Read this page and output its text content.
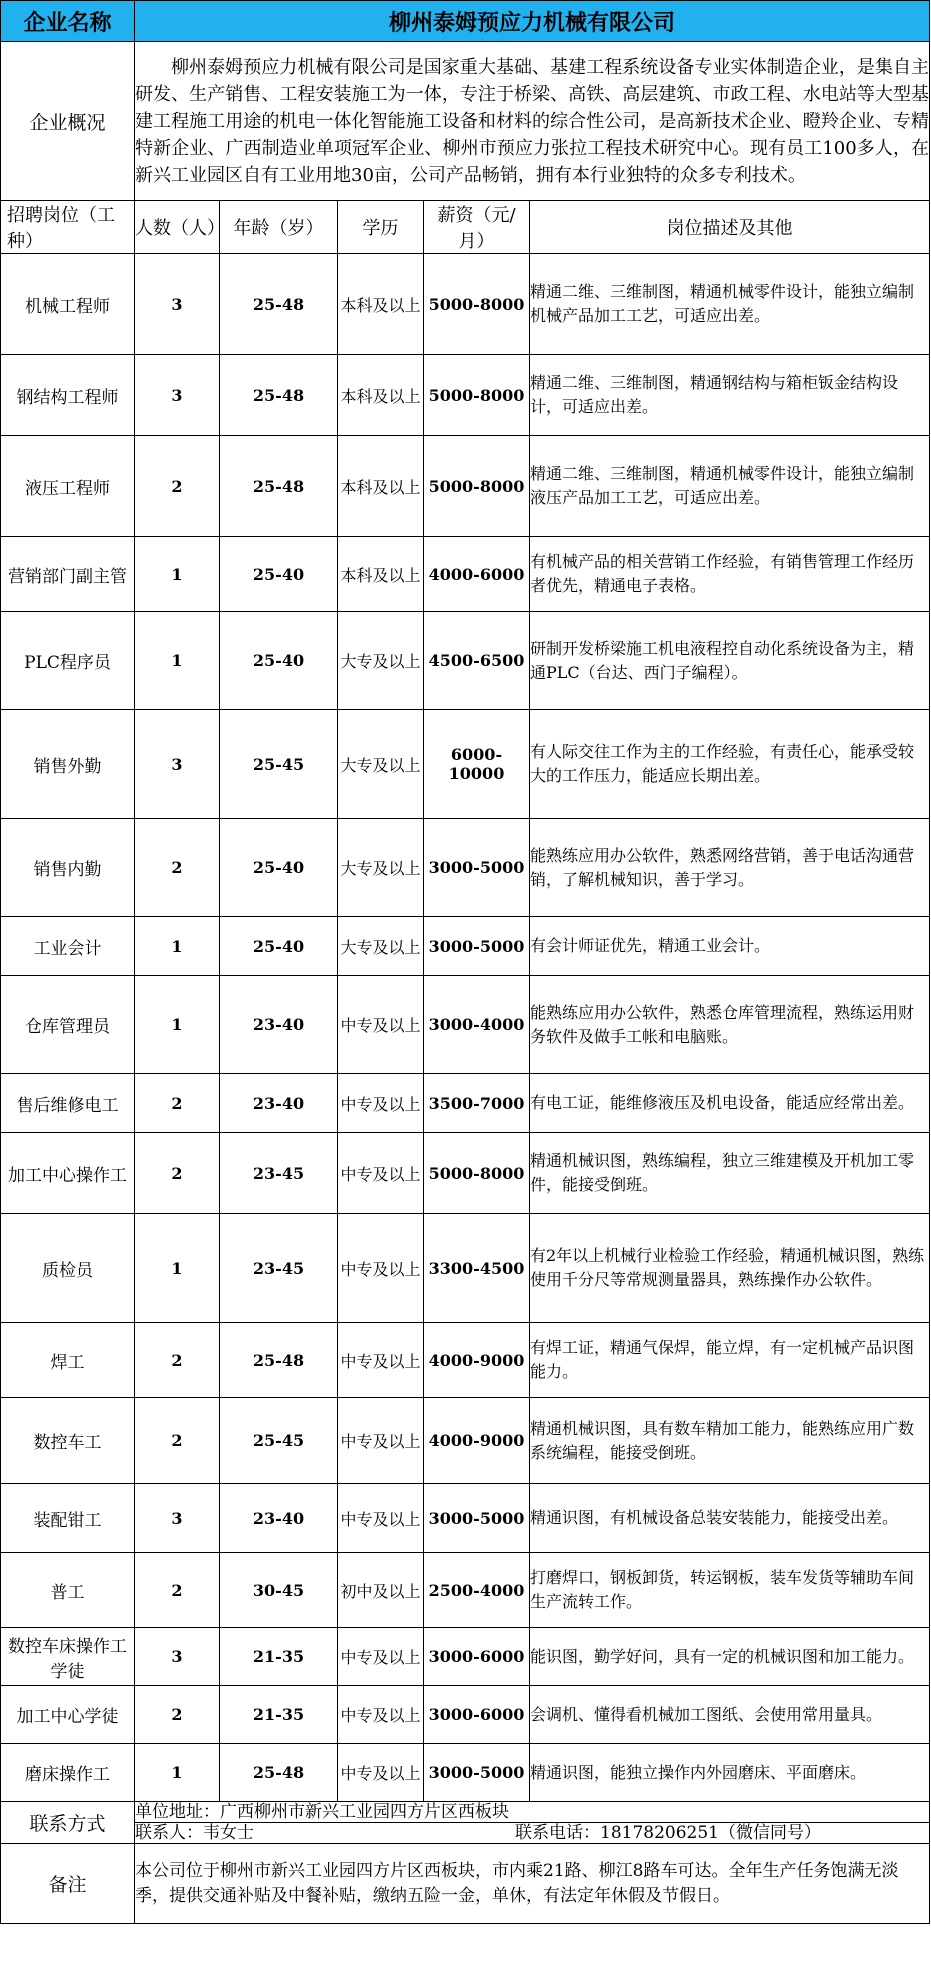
企业名称	柳州泰姆预应力机械有限公司				
企业概况	柳州泰姆预应力机械有限公司是国家重大基础、基建工程系统设备专业实体制造企业，是集自主研发、生产销售、工程安装施工为一体，专注于桥梁、高铁、高层建筑、市政工程、水电站等大型基建工程施工用途的机电一体化智能施工设备和材料的综合性公司，是高新技术企业、瞪羚企业、专精特新企业、广西制造业单项冠军企业、柳州市预应力张拉工程技术研究中心。现有员工100多人，在新兴工业园区自有工业用地30亩，公司产品畅销，拥有本行业独特的众多专利技术。				

招聘岗位（工种）	人数（人）	年龄（岁）	学历	薪资（元/月）	岗位描述及其他
机械工程师	3	25-48	本科及以上	5000-8000	精通二维、三维制图，精通机械零件设计，能独立编制机械产品加工工艺，可适应出差。
钢结构工程师	3	25-48	本科及以上	5000-8000	精通二维、三维制图，精通钢结构与箱柜钣金结构设计，可适应出差。
液压工程师	2	25-48	本科及以上	5000-8000	精通二维、三维制图，精通机械零件设计，能独立编制液压产品加工工艺，可适应出差。
营销部门副主管	1	25-40	本科及以上	4000-6000	有机械产品的相关营销工作经验，有销售管理工作经历者优先，精通电子表格。
PLC程序员	1	25-40	大专及以上	4500-6500	研制开发桥梁施工机电液程控自动化系统设备为主，精通PLC（台达、西门子编程）。
销售外勤	3	25-45	大专及以上	6000-10000	有人际交往工作为主的工作经验，有责任心，能承受较大的工作压力，能适应长期出差。
销售内勤	2	25-40	大专及以上	3000-5000	能熟练应用办公软件，熟悉网络营销，善于电话沟通营销，了解机械知识，善于学习。
工业会计	1	25-40	大专及以上	3000-5000	有会计师证优先，精通工业会计。
仓库管理员	1	23-40	中专及以上	3000-4000	能熟练应用办公软件，熟悉仓库管理流程，熟练运用财务软件及做手工帐和电脑账。
售后维修电工	2	23-40	中专及以上	3500-7000	有电工证，能维修液压及机电设备，能适应经常出差。
加工中心操作工	2	23-45	中专及以上	5000-8000	精通机械识图，熟练编程，独立三维建模及开机加工零件，能接受倒班。
质检员	1	23-45	中专及以上	3300-4500	有2年以上机械行业检验工作经验，精通机械识图，熟练使用千分尺等常规测量器具，熟练操作办公软件。
焊工	2	25-48	中专及以上	4000-9000	有焊工证，精通气保焊，能立焊，有一定机械产品识图能力。
数控车工	2	25-45	中专及以上	4000-9000	精通机械识图，具有数车精加工能力，能熟练应用广数系统编程，能接受倒班。
装配钳工	3	23-40	中专及以上	3000-5000	精通识图，有机械设备总装安装能力，能接受出差。
普工	2	30-45	初中及以上	2500-4000	打磨焊口，钢板卸货，转运钢板，装车发货等辅助车间生产流转工作。
数控车床操作工学徒	3	21-35	中专及以上	3000-6000	能识图，勤学好问，具有一定的机械识图和加工能力。
加工中心学徒	2	21-35	中专及以上	3000-6000	会调机、懂得看机械加工图纸、会使用常用量具。
磨床操作工	1	25-48	中专及以上	3000-5000	精通识图，能独立操作内外园磨床、平面磨床。
联系方式	单位地址：广西柳州市新兴工业园四方片区西板块				
	联系人：韦女士 联系电话：18178206251（微信同号）				
备注	本公司位于柳州市新兴工业园四方片区西板块，市内乘21路、柳江8路车可达。全年生产任务饱满无淡季，提供交通补贴及中餐补贴，缴纳五险一金，单休，有法定年休假及节假日。				
